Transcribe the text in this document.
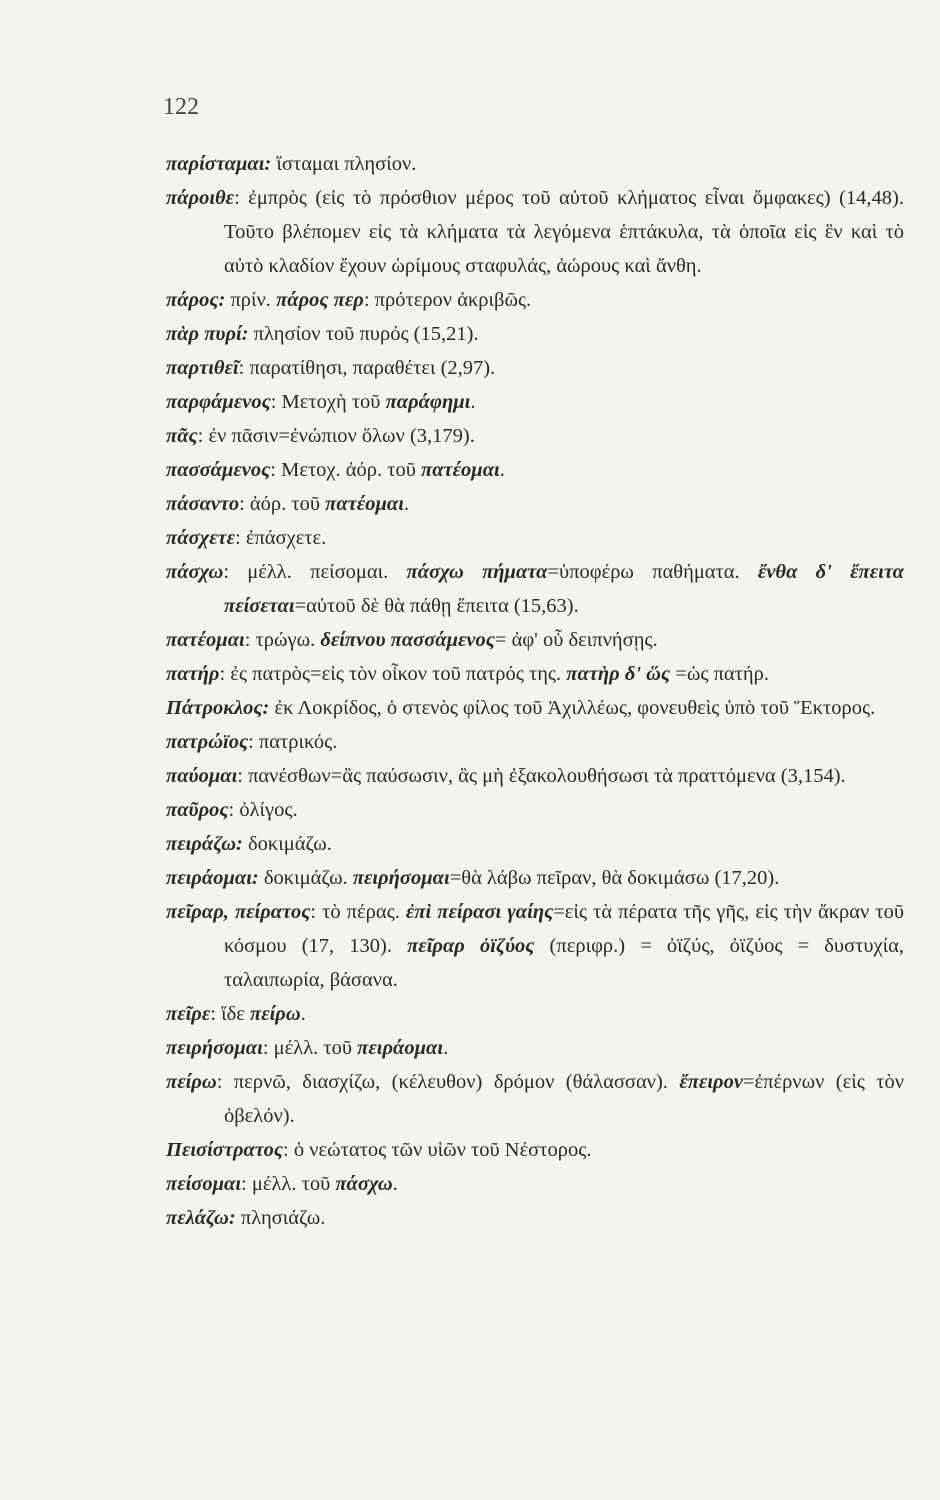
122
παρίσταμαι: ἵσταμαι πλησίον.
πάροιθε: ἐμπρὸς (εἰς τὸ πρόσθιον μέρος τοῦ αὐτοῦ κλήματος εἶναι ὄμφακες) (14,48). Τοῦτο βλέπομεν εἰς τὰ κλήματα τὰ λεγόμενα ἑπτάκυλα, τὰ ὁποῖα εἰς ἓν καὶ τὸ αὐτὸ κλαδίον ἔχουν ὡρίμους σταφυλάς, ἀώρους καὶ ἄνθη.
πάρος: πρίν. πάρος περ: πρότερον ἀκριβῶς.
πὰρ πυρί: πλησίον τοῦ πυρός (15,21).
παρτιθεῖ: παρατίθησι, παραθέτει (2,97).
παρφάμενος: Μετοχὴ τοῦ παράφημι.
πᾶς: ἐν πᾶσιν=ἐνώπιον ὅλων (3,179).
πασσάμενος: Μετοχ. ἀόρ. τοῦ πατέομαι.
πάσαντο: ἀόρ. τοῦ πατέομαι.
πάσχετε: ἐπάσχετε.
πάσχω: μέλλ. πείσομαι. πάσχω πήματα=ὑποφέρω παθήματα. ἔνθα δ' ἔπειτα πείσεται=αὐτοῦ δὲ θὰ πάθῃ ἔπειτα (15,63).
πατέομαι: τρώγω. δείπνου πασσάμενος= ἀφ' οὗ δειπνήσῃς.
πατήρ: ἐς πατρὸς=εἰς τὸν οἶκον τοῦ πατρός της. πατὴρ δ' ὥς =ὡς πατήρ.
Πάτροκλος: ἐκ Λοκρίδος, ὁ στενὸς φίλος τοῦ Ἀχιλλέως, φονευθεὶς ὑπὸ τοῦ Ἕκτορος.
πατρώϊος: πατρικός.
παύομαι: πανέσθων=ἂς παύσωσιν, ἂς μὴ ἐξακολουθήσωσι τὰ πραττόμενα (3,154).
παῦρος: ὀλίγος.
πειράζω: δοκιμάζω.
πειράομαι: δοκιμάζω. πειρήσομαι=θὰ λάβω πεῖραν, θὰ δοκιμάσω (17,20).
πεῖραρ, πείρατος: τὸ πέρας. ἐπὶ πείρασι γαίης=εἰς τὰ πέρατα τῆς γῆς, εἰς τὴν ἄκραν τοῦ κόσμου (17, 130). πεῖραρ ὀϊζύος (περιφρ.) = ὀϊζύς, ὀϊζύος = δυστυχία, ταλαιπωρία, βάσανα.
πεῖρε: ἴδε πείρω.
πειρήσομαι: μέλλ. τοῦ πειράομαι.
πείρω: περνῶ, διασχίζω, (κέλευθον) δρόμον (θάλασσαν). ἔπειρον=ἐπέρνων (εἰς τὸν ὀβελόν).
Πεισίστρατος: ὁ νεώτατος τῶν υἱῶν τοῦ Νέστορος.
πείσομαι: μέλλ. τοῦ πάσχω.
πελάζω: πλησιάζω.
